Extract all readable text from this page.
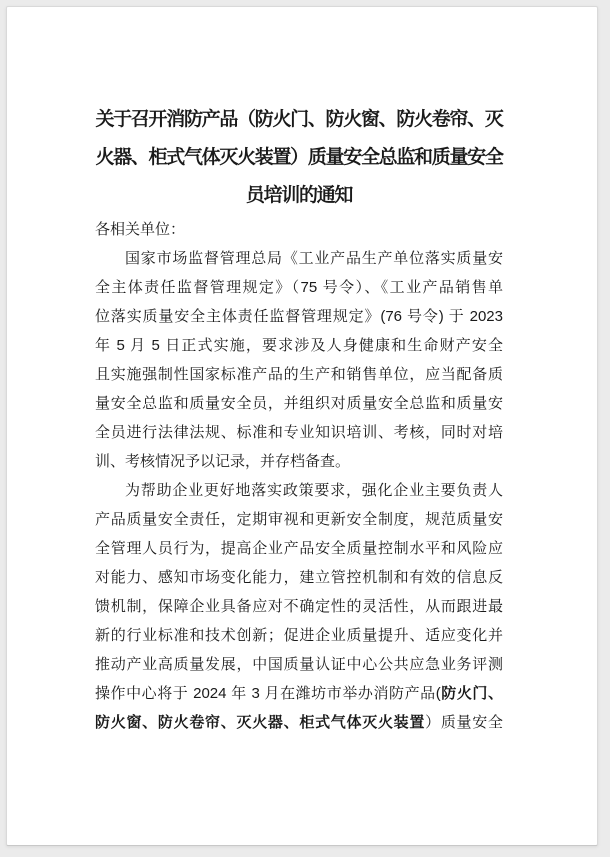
关于召开消防产品（防火门、防火窗、防火卷帘、灭
火器、柜式气体灭火装置）质量安全总监和质量安全
员培训的通知
各相关单位：
国家市场监督管理总局《工业产品生产单位落实质量安
全主体责任监督管理规定》（75 号令）、《工业产品销售单
位落实质量安全主体责任监督管理规定》(76 号令) 于 2023
年 5 月 5 日正式实施，要求涉及人身健康和生命财产安全
且实施强制性国家标准产品的生产和销售单位，应当配备质
量安全总监和质量安全员，并组织对质量安全总监和质量安
全员进行法律法规、标准和专业知识培训、考核，同时对培
训、考核情况予以记录，并存档备查。
为帮助企业更好地落实政策要求，强化企业主要负责人
产品质量安全责任，定期审视和更新安全制度，规范质量安
全管理人员行为，提高企业产品安全质量控制水平和风险应
对能力、感知市场变化能力，建立管控机制和有效的信息反
馈机制，保障企业具备应对不确定性的灵活性，从而跟进最
新的行业标准和技术创新；促进企业质量提升、适应变化并
推动产业高质量发展，中国质量认证中心公共应急业务评测
操作中心将于 2024 年 3 月在潍坊市举办消防产品(防火门、
防火窗、防火卷帘、灭火器、柜式气体灭火装置）质量安全
